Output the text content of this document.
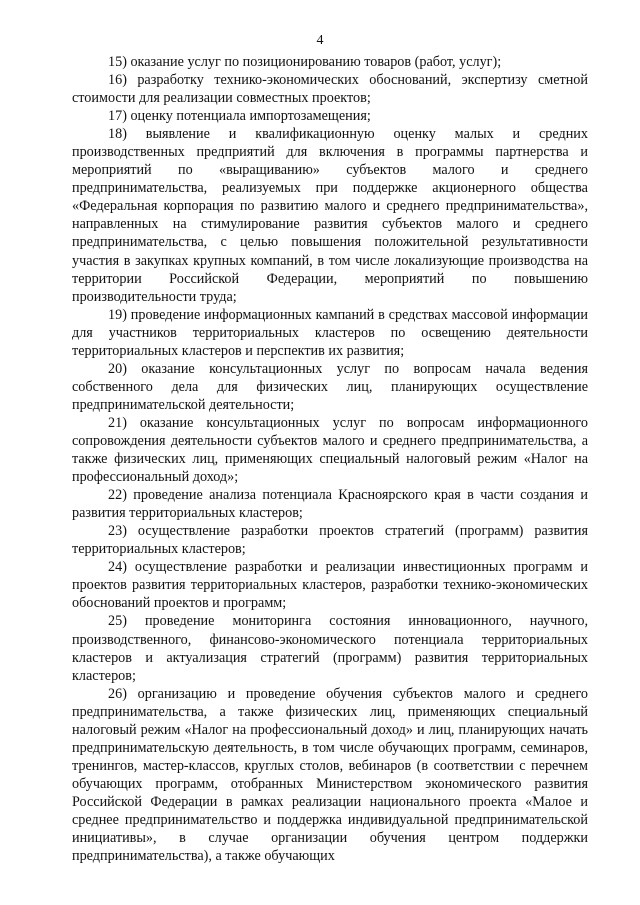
4

15) оказание услуг по позиционированию товаров (работ, услуг);

16) разработку технико-экономических обоснований, экспертизу сметной стоимости для реализации совместных проектов;

17) оценку потенциала импортозамещения;

18) выявление и квалификационную оценку малых и средних производственных предприятий для включения в программы партнерства и мероприятий по «выращиванию» субъектов малого и среднего предпринимательства, реализуемых при поддержке акционерного общества «Федеральная корпорация по развитию малого и среднего предпринимательства», направленных на стимулирование развития субъектов малого и среднего предпринимательства, с целью повышения положительной результативности участия в закупках крупных компаний, в том числе локализующие производства на территории Российской Федерации, мероприятий по повышению производительности труда;

19) проведение информационных кампаний в средствах массовой информации для участников территориальных кластеров по освещению деятельности территориальных кластеров и перспектив их развития;

20) оказание консультационных услуг по вопросам начала ведения собственного дела для физических лиц, планирующих осуществление предпринимательской деятельности;

21) оказание консультационных услуг по вопросам информационного сопровождения деятельности субъектов малого и среднего предпринимательства, а также физических лиц, применяющих специальный налоговый режим «Налог на профессиональный доход»;

22) проведение анализа потенциала Красноярского края в части создания и развития территориальных кластеров;

23) осуществление разработки проектов стратегий (программ) развития территориальных кластеров;

24) осуществление разработки и реализации инвестиционных программ и проектов развития территориальных кластеров, разработки технико-экономических обоснований проектов и программ;

25) проведение мониторинга состояния инновационного, научного, производственного, финансово-экономического потенциала территориальных кластеров и актуализация стратегий (программ) развития территориальных кластеров;

26) организацию и проведение обучения субъектов малого и среднего предпринимательства, а также физических лиц, применяющих специальный налоговый режим «Налог на профессиональный доход» и лиц, планирующих начать предпринимательскую деятельность, в том числе обучающих программ, семинаров, тренингов, мастер-классов, круглых столов, вебинаров (в соответствии с перечнем обучающих программ, отобранных Министерством экономического развития Российской Федерации в рамках реализации национального проекта «Малое и среднее предпринимательство и поддержка индивидуальной предпринимательской инициативы», в случае организации обучения центром поддержки предпринимательства), а также обучающих
